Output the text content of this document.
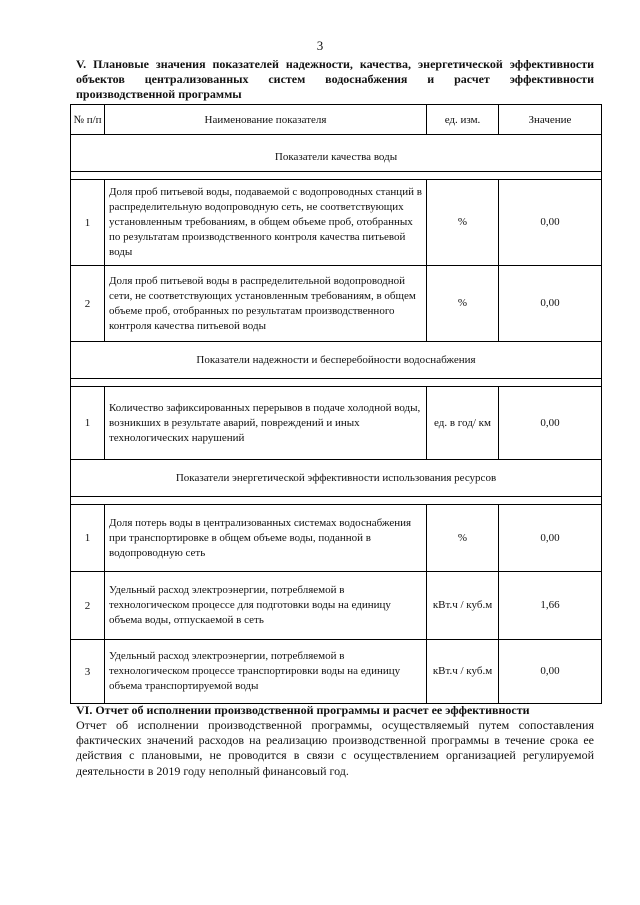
3
V. Плановые значения показателей надежности, качества, энергетической эффективности объектов централизованных систем водоснабжения и расчет эффективности производственной программы
№ п/п	Наименование показателя	ед. изм.	Значение

Показатели качества воды			

1	Доля проб питьевой воды, подаваемой с водопроводных станций в распределительную водопроводную сеть, не соответствующих установленным требованиям, в общем объеме проб, отобранных по результатам производственного контроля качества питьевой воды	%	0,00
2	Доля проб питьевой воды в распределительной водопроводной сети, не соответствующих установленным требованиям, в общем объеме проб, отобранных по результатам производственного контроля качества питьевой воды	%	0,00
Показатели надежности и бесперебойности водоснабжения			

1	Количество зафиксированных перерывов в подаче холодной воды, возникших в результате аварий, повреждений и иных технологических нарушений	ед. в год/ км	0,00
Показатели энергетической эффективности использования ресурсов			

1	Доля потерь воды в централизованных системах водоснабжения при транспортировке в общем объеме воды, поданной в водопроводную сеть	%	0,00
2	Удельный расход электроэнергии, потребляемой в технологическом процессе для подготовки воды на единицу объема воды, отпускаемой в сеть	кВт.ч / куб.м	1,66
3	Удельный расход электроэнергии, потребляемой в технологическом процессе транспортировки воды на единицу объема транспортируемой воды	кВт.ч / куб.м	0,00
VI. Отчет об исполнении производственной программы и расчет ее эффективности
Отчет об исполнении производственной программы, осуществляемый путем сопоставления фактических значений расходов на реализацию производственной программы в течение срока ее действия с плановыми, не проводится в связи с осуществлением организацией регулируемой деятельности в 2019 году неполный финансовый год.
